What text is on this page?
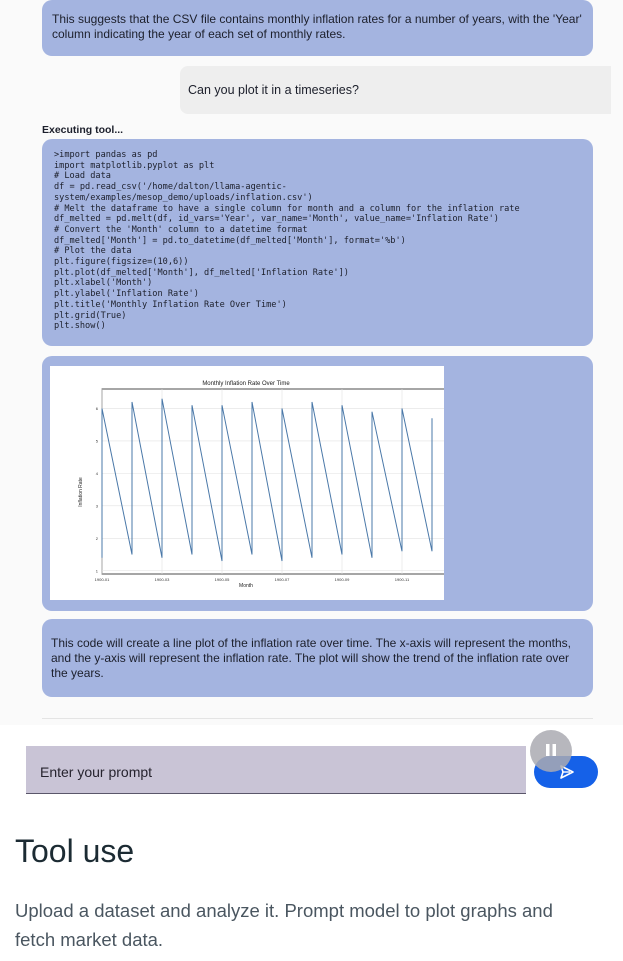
This suggests that the CSV file contains monthly inflation rates for a number of years, with the 'Year' column indicating the year of each set of monthly rates.
Can you plot it in a timeseries?
Executing tool...
>import pandas as pd
import matplotlib.pyplot as plt
# Load data
df = pd.read_csv('/home/dalton/llama-agentic-
system/examples/mesop_demo/uploads/inflation.csv')
# Melt the dataframe to have a single column for month and a column for the inflation rate
df_melted = pd.melt(df, id_vars='Year', var_name='Month', value_name='Inflation Rate')
# Convert the 'Month' column to a datetime format
df_melted['Month'] = pd.to_datetime(df_melted['Month'], format='%b')
# Plot the data
plt.figure(figsize=(10,6))
plt.plot(df_melted['Month'], df_melted['Inflation Rate'])
plt.xlabel('Month')
plt.ylabel('Inflation Rate')
plt.title('Monthly Inflation Rate Over Time')
plt.grid(True)
plt.show()
1900-01	1900-03	1900-05	1900-07	1900-09	1900-11
1
2
3
4
5
6
Monthly Inflation Rate Over Time
Month
Inflation Rate
This code will create a line plot of the inflation rate over time. The x-axis will represent the months, and the y-axis will represent the inflation rate. The plot will show the trend of the inflation rate over the years.
Enter your prompt
Tool use
Upload a dataset and analyze it. Prompt model to plot graphs and fetch market data.
